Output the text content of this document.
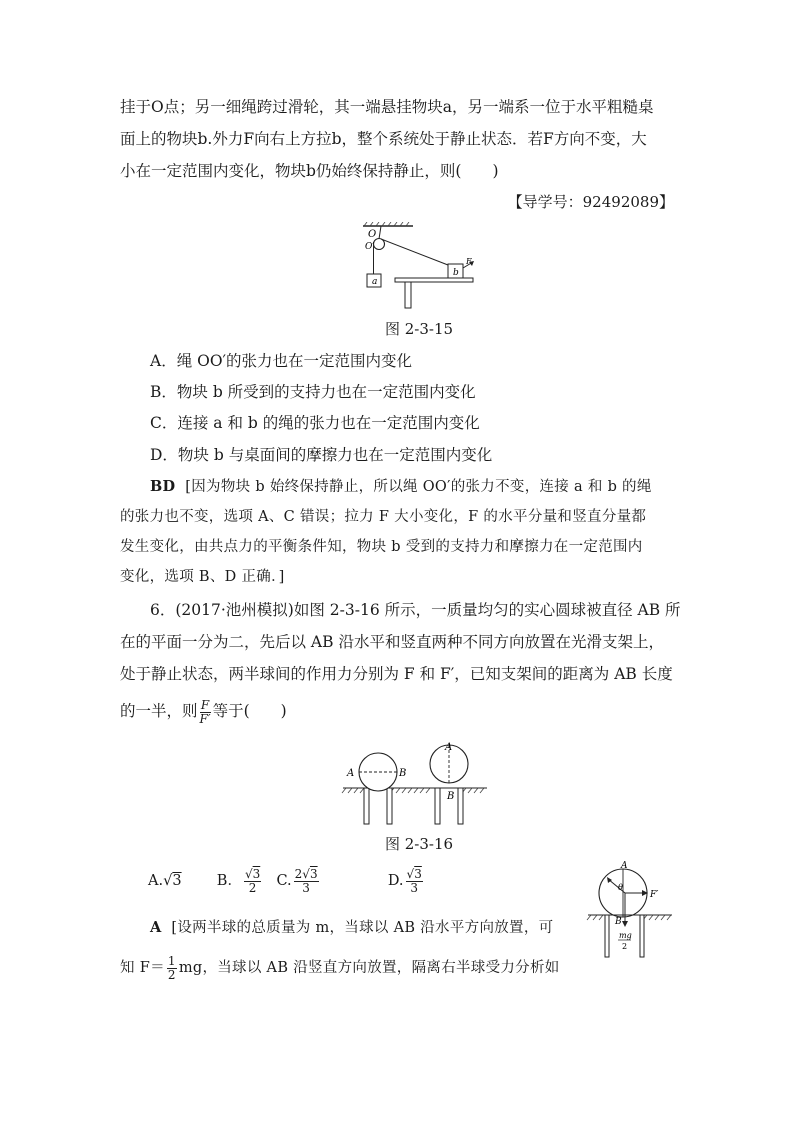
挂于O点；另一细绳跨过滑轮，其一端悬挂物块a，另一端系一位于水平粗糙桌
面上的物块b.外力F向右上方拉b，整个系统处于静止状态．若F方向不变，大
小在一定范围内变化，物块b仍始终保持静止，则(　　)
【导学号：92492089】
O
O′
a
b
F
图 2-3-15
A．绳 OO′的张力也在一定范围内变化
B．物块 b 所受到的支持力也在一定范围内变化
C．连接 a 和 b 的绳的张力也在一定范围内变化
D．物块 b 与桌面间的摩擦力也在一定范围内变化
BD [因为物块 b 始终保持静止，所以绳 OO′的张力不变，连接 a 和 b 的绳
的张力也不变，选项 A、C 错误；拉力 F 大小变化，F 的水平分量和竖直分量都
发生变化，由共点力的平衡条件知，物块 b 受到的支持力和摩擦力在一定范围内
变化，选项 B、D 正确．]
6．(2017·池州模拟)如图 2-3-16 所示，一质量均匀的实心圆球被直径 AB 所
在的平面一分为二，先后以 AB 沿水平和竖直两种不同方向放置在光滑支架上，
处于静止状态，两半球间的作用力分别为 F 和 F′，已知支架间的距离为 AB 长度
的一半，则 $\frac{F}{F'}$ 等于(　　)
A	B
A
B
图 2-3-16
A.√3 B． $\frac{√3}{2} C$. $\frac{2√3}{3}$	D. $\frac{√3}{3}$
A
θ
F′
B
mg
2
A [设两半球的总质量为 m，当球以 AB 沿水平方向放置，可
知 $F= \frac{1}{2}$ mg，当球以 AB 沿竖直方向放置，隔离右半球受力分析如
